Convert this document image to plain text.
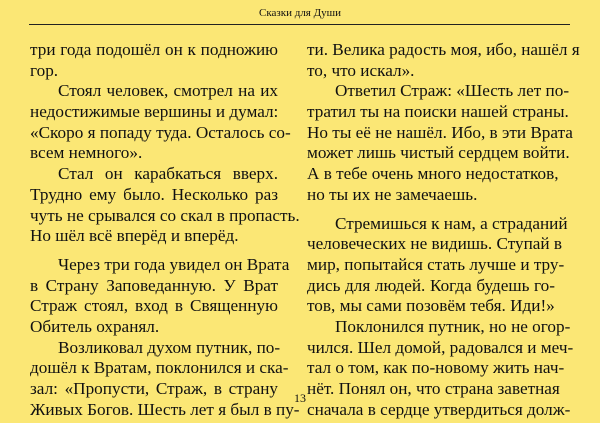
Сказки для Души
три года подошёл он к подножию
гор.
Стоял человек, смотрел на их
недостижимые вершины и думал:
«Скоро я попаду туда. Осталось со-
всем немного».
Стал он карабкаться вверх.
Трудно ему было. Несколько раз
чуть не срывался со скал в пропасть.
Но шёл всё вперёд и вперёд.
Через три года увидел он Врата
в Страну Заповеданную. У Врат
Страж стоял, вход в Священную
Обитель охранял.
Возликовал духом путник, по-
дошёл к Вратам, поклонился и ска-
зал: «Пропусти, Страж, в страну
Живых Богов. Шесть лет я был в пу-
ти. Велика радость моя, ибо, нашёл я
то, что искал».
Ответил Страж: «Шесть лет по-
тратил ты на поиски нашей страны.
Но ты её не нашёл. Ибо, в эти Врата
может лишь чистый сердцем войти.
А в тебе очень много недостатков,
но ты их не замечаешь.
Стремишься к нам, а страданий
человеческих не видишь. Ступай в
мир, попытайся стать лучше и тру-
дись для людей. Когда будешь го-
тов, мы сами позовём тебя. Иди!»
Поклонился путник, но не огор-
чился. Шел домой, радовался и меч-
тал о том, как по-новому жить нач-
нёт. Понял он, что страна заветная
сначала в сердце утвердиться долж-
13
